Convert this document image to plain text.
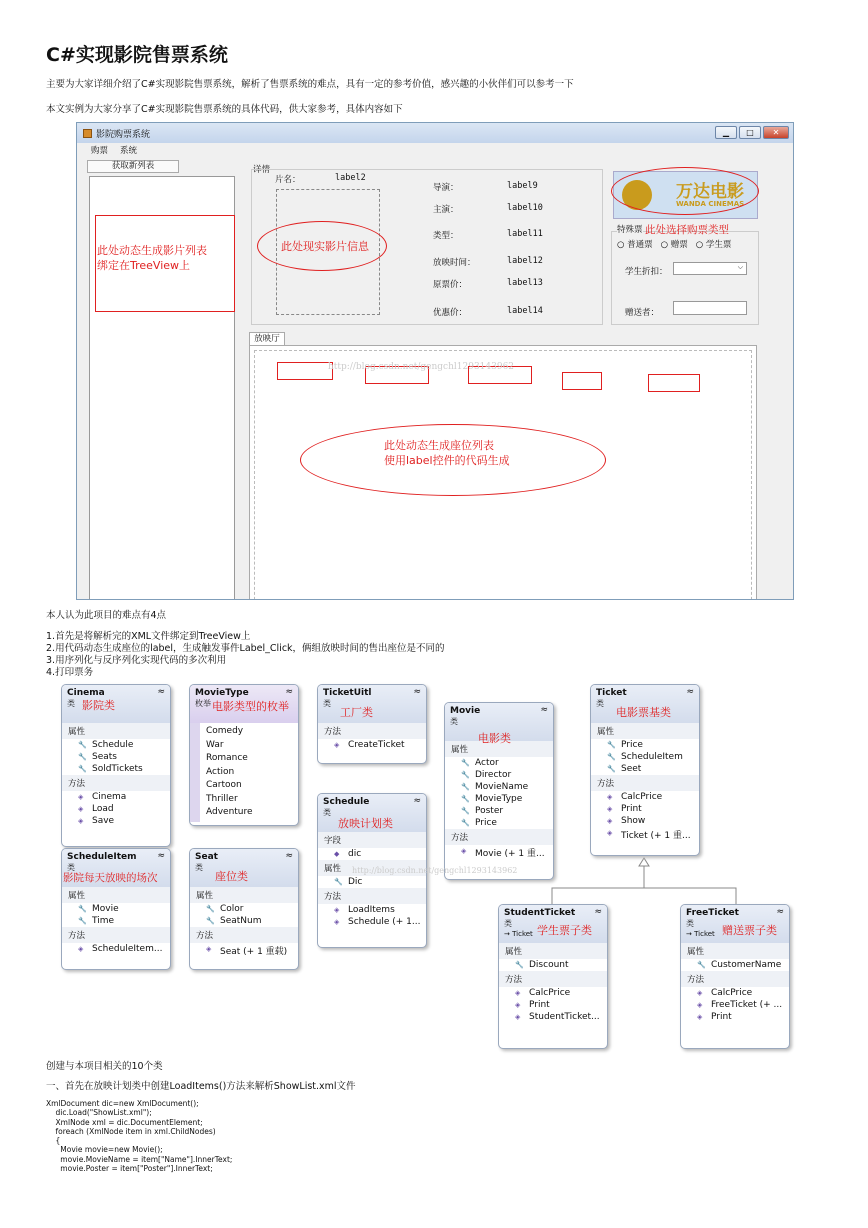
C#实现影院售票系统
主要为大家详细介绍了C#实现影院售票系统，解析了售票系统的难点，具有一定的参考价值，感兴趣的小伙伴们可以参考一下
本文实例为大家分享了C#实现影院售票系统的具体代码，供大家参考，具体内容如下
影院购票系统	▁	□	✕
购票 系统
获取新列表
此处动态生成影片列表
绑定在TreeView上
详情
片名：	label2
此处现实影片信息
导演：	label9
主演：	label10
类型：	label11
放映时间：	label12
原票价：	label13
优惠价：	label14
万达电影
WANDA CINEMAS
特殊票 此处选择购票类型
○ 普通票 ○ 赠票 ○ 学生票
学生折扣：	⌵
赠送者：
放映厅
http://blog.csdn.net/gengchl1293143962
此处动态生成座位列表
使用label控件的代码生成
本人认为此项目的难点有4点
1.首先是将解析完的XML文件绑定到TreeView上
2.用代码动态生成座位的label，生成触发事件Label_Click，俩组放映时间的售出座位是不同的
3.用序列化与反序列化实现代码的多次利用
4.打印票务
Cinema
类
≈
属性
🔧 Schedule
🔧 Seats
🔧 SoldTickets
方法
◈ Cinema
◈ Load
◈ Save
影院类
MovieType
枚举
≈
Comedy
War
Romance
Action
Cartoon
Thriller
Adventure
电影类型的枚举
TicketUitl
类
≈
方法
◈ CreateTicket
工厂类	Movie
类
≈
属性
🔧 Actor
🔧 Director
🔧 MovieName
🔧 MovieType
🔧 Poster
🔧 Price
方法
◈ Movie (+ 1 重...
电影类
Ticket
类
≈
属性
🔧 Price
🔧 ScheduleItem
🔧 Seet
方法
◈ CalcPrice
◈ Print
◈ Show
◈ Ticket (+ 1 重...
电影票基类
Schedule
类
≈
字段
◆ dic
属性
🔧 Dic
方法
◈ LoadItems
◈ Schedule (+ 1...
放映计划类
http://blog.csdn.net/gengchl1293143962
ScheduleItem
类
≈
属性
🔧 Movie
🔧 Time
方法
◈ ScheduleItem...
影院每天放映的场次
Seat
类
≈
属性
🔧 Color
🔧 SeatNum
方法
◈ Seat (+ 1 重载)
座位类
StudentTicket
类
→ Ticket
≈
属性
🔧 Discount
方法
◈ CalcPrice
◈ Print
◈ StudentTicket...
学生票子类
FreeTicket
类
→ Ticket
≈
属性
🔧 CustomerName
方法
◈ CalcPrice
◈ FreeTicket (+ ...
◈ Print
赠送票子类
创建与本项目相关的10个类
一、首先在放映计划类中创建LoadItems()方法来解析ShowList.xml文件
XmlDocument dic=new XmlDocument();
dic.Load("ShowList.xml");
XmlNode xml = dic.DocumentElement;
foreach (XmlNode item in xml.ChildNodes)
{
Movie movie=new Movie();
movie.MovieName = item["Name"].InnerText;
movie.Poster = item["Poster"].InnerText;
